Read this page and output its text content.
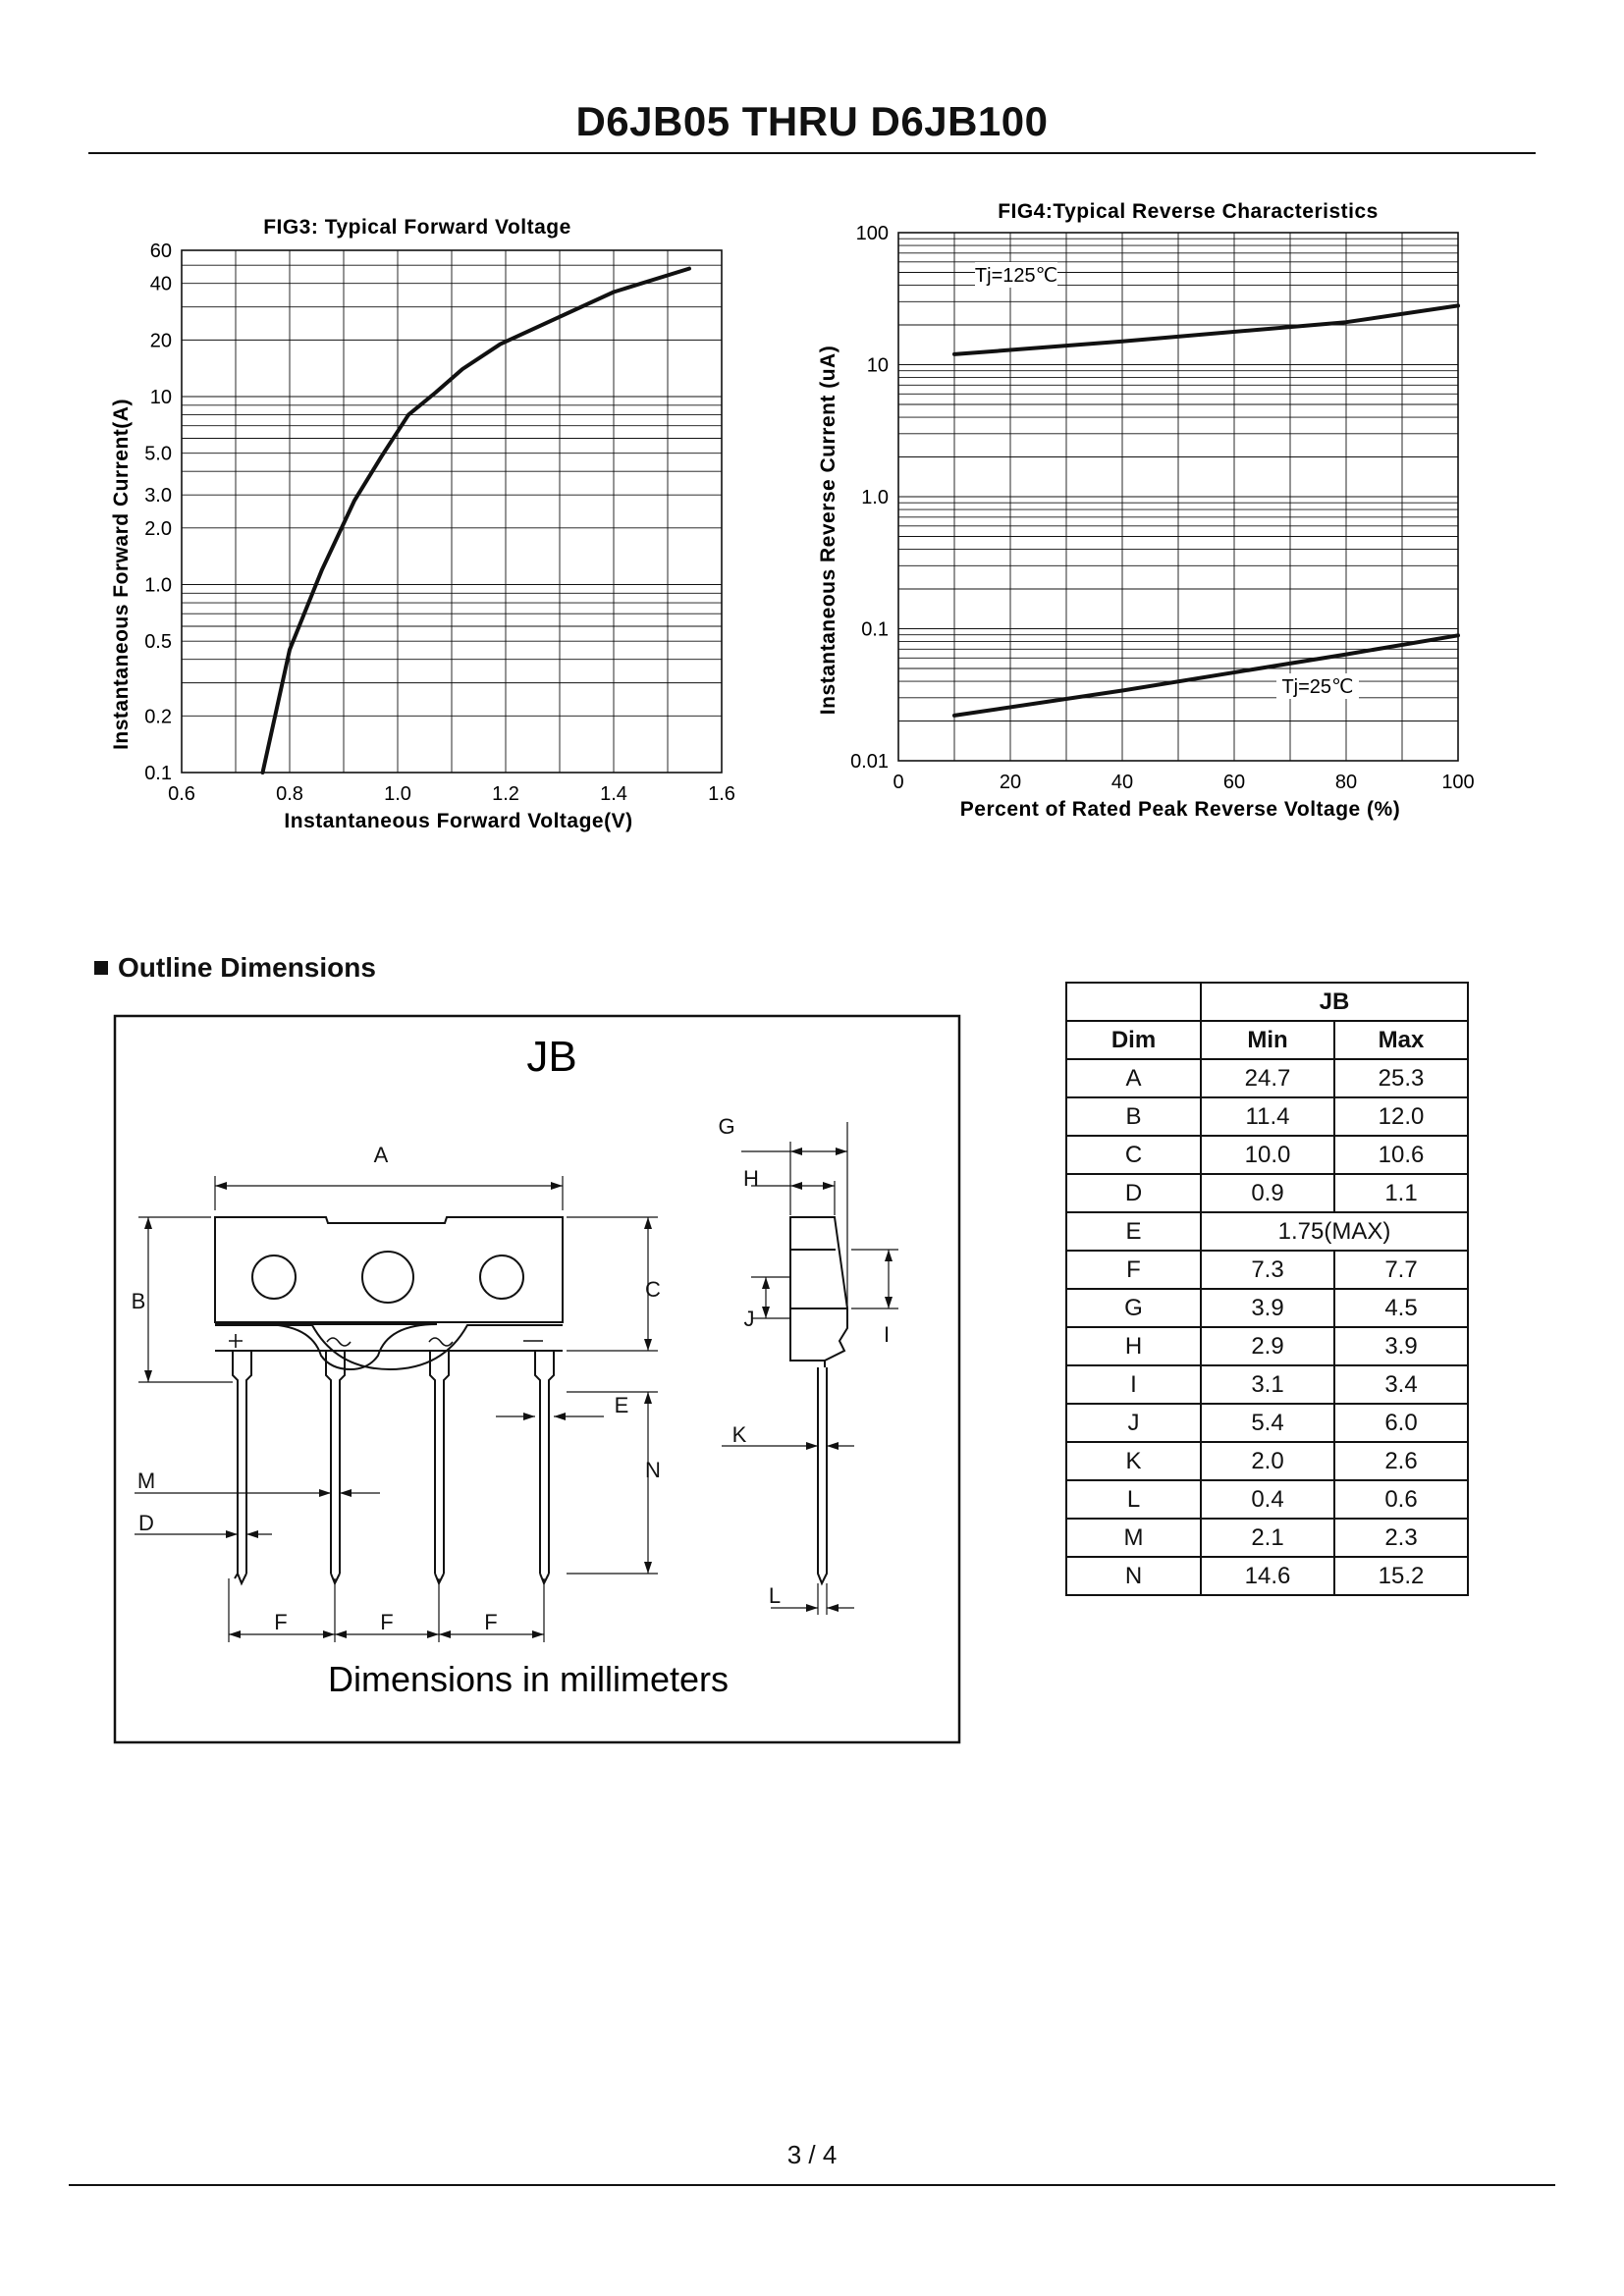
D6JB05 THRU D6JB100
FIG3: Typical Forward Voltage
60
40
20
10
5.0
3.0
2.0
1.0
0.5
0.2
0.1
0.6	0.8	1.0	1.2	1.4	1.6
Instantaneous Forward Voltage(V)
Instantaneous Forward Current(A)
FIG4:Typical Reverse Characteristics
100
10
1.0
0.1
0.01
0	20	40	60	80	100
Tj=125℃
Tj=25℃
Percent of Rated Peak Reverse Voltage (%)
Instantaneous Reverse Current (uA)
Outline Dimensions
JB
A
B	C
D
E
F	F	F
G
H
I
J
K
L
M	N
Dimensions in millimeters
	JB	
Dim	Min	Max
A	24.7	25.3
B	11.4	12.0
C	10.0	10.6
D	0.9	1.1
E	1.75(MAX)	
F	7.3	7.7
G	3.9	4.5
H	2.9	3.9
I	3.1	3.4
J	5.4	6.0
K	2.0	2.6
L	0.4	0.6
M	2.1	2.3
N	14.6	15.2
3 / 4
